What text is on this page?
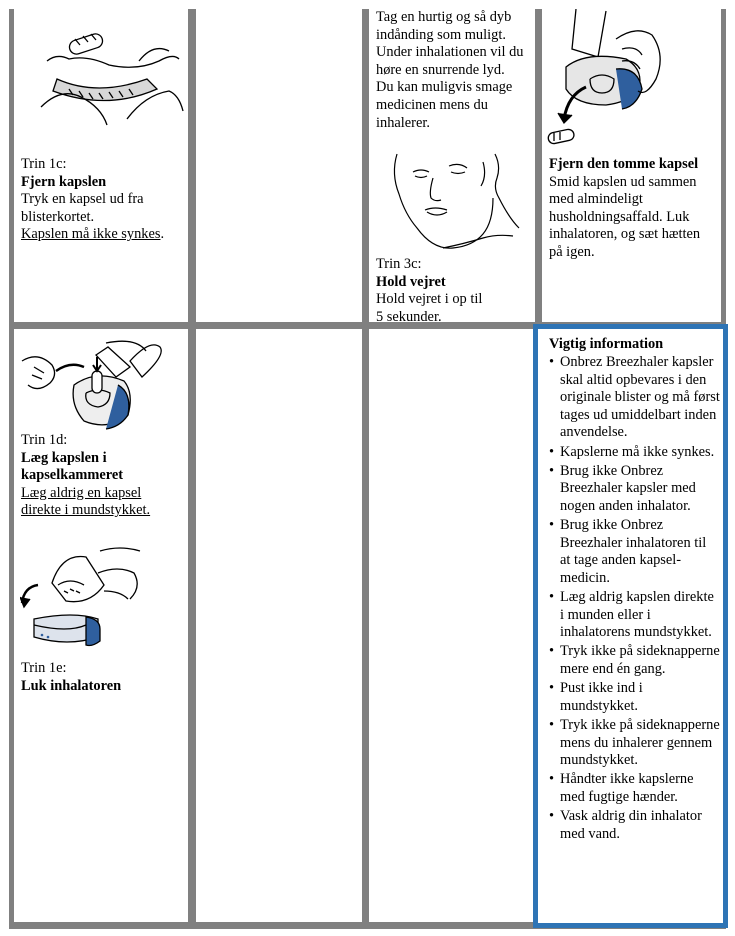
Trin 1c:
Fjern kapslen
Tryk en kapsel ud fra
blisterkortet.
Kapslen må ikke synkes.
Tag en hurtig og så dyb
indånding som muligt.
Under inhalationen vil du
høre en snurrende lyd.
Du kan muligvis smage
medicinen mens du
inhalerer.
Trin 3c:
Hold vejret
Hold vejret i op til
5 sekunder.
Fjern den tomme kapsel
Smid kapslen ud sammen
med almindeligt
husholdningsaffald. Luk
inhalatoren, og sæt hætten
på igen.
Trin 1d:
Læg kapslen i
kapselkammeret
Læg aldrig en kapsel
direkte i mundstykket.
Trin 1e:
Luk inhalatoren
Vigtig information
• Onbrez Breezhaler kapsler skal altid opbevares i den originale blister og må først tages ud umiddelbart inden anvendelse.
• Kapslerne må ikke synkes.
• Brug ikke Onbrez Breezhaler kapsler med nogen anden inhalator.
• Brug ikke Onbrez Breezhaler inhalatoren til at tage anden kapsel-medicin.
• Læg aldrig kapslen direkte i munden eller i inhalatorens mundstykket.
• Tryk ikke på sideknapperne mere end én gang.
• Pust ikke ind i mundstykket.
• Tryk ikke på sideknapperne mens du inhalerer gennem mundstykket.
• Håndter ikke kapslerne med fugtige hænder.
• Vask aldrig din inhalator med vand.
